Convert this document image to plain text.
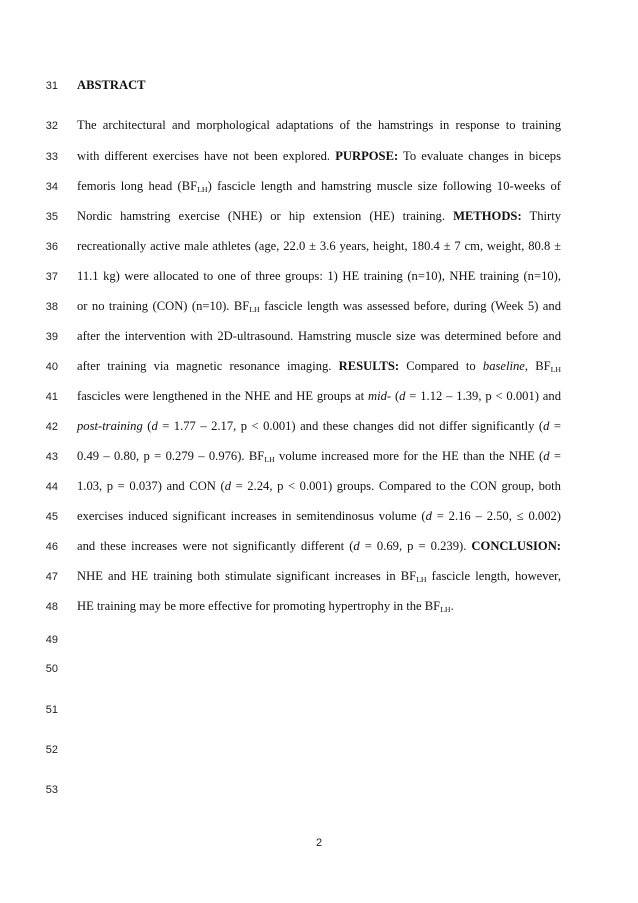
31
32
33
34
35
36
37
38
39
40
41
42
43
44
45
46
47
48
49
50
51
52
53
ABSTRACT
The architectural and morphological adaptations of the hamstrings in response to training
with different exercises have not been explored. PURPOSE: To evaluate changes in biceps
femoris long head $(BF_{LH})$ fascicle length and hamstring muscle size following 10-weeks of
Nordic hamstring exercise (NHE) or hip extension (HE) training. METHODS: Thirty
recreationally active male athletes (age, 22.0 ± 3.6 years, height, 180.4 ± 7 cm, weight, 80.8 ±
11.1 kg) were allocated to one of three groups: 1) HE training (n=10), NHE training (n=10),
or no training (CON) (n=10). $BF_{LH}$ fascicle length was assessed before, during (Week 5) and
after the intervention with 2D-ultrasound. Hamstring muscle size was determined before and
after training via magnetic resonance imaging. RESULTS: Compared to baseline, $BF_{LH}$
fascicles were lengthened in the NHE and HE groups at mid- (d = 1.12 – 1.39, p < 0.001) and
post-training (d = 1.77 – 2.17, p < 0.001) and these changes did not differ significantly (d =
0.49 – 0.80, p = 0.279 – 0.976). $BF_{LH}$ volume increased more for the HE than the NHE (d =
1.03, p = 0.037) and CON (d = 2.24, p < 0.001) groups. Compared to the CON group, both
exercises induced significant increases in semitendinosus volume (d = 2.16 – 2.50, ≤ 0.002)
and these increases were not significantly different (d = 0.69, p = 0.239). CONCLUSION:
NHE and HE training both stimulate significant increases in $BF_{LH}$ fascicle length, however,
HE training may be more effective for promoting hypertrophy in the $BF_{LH}$.
2
